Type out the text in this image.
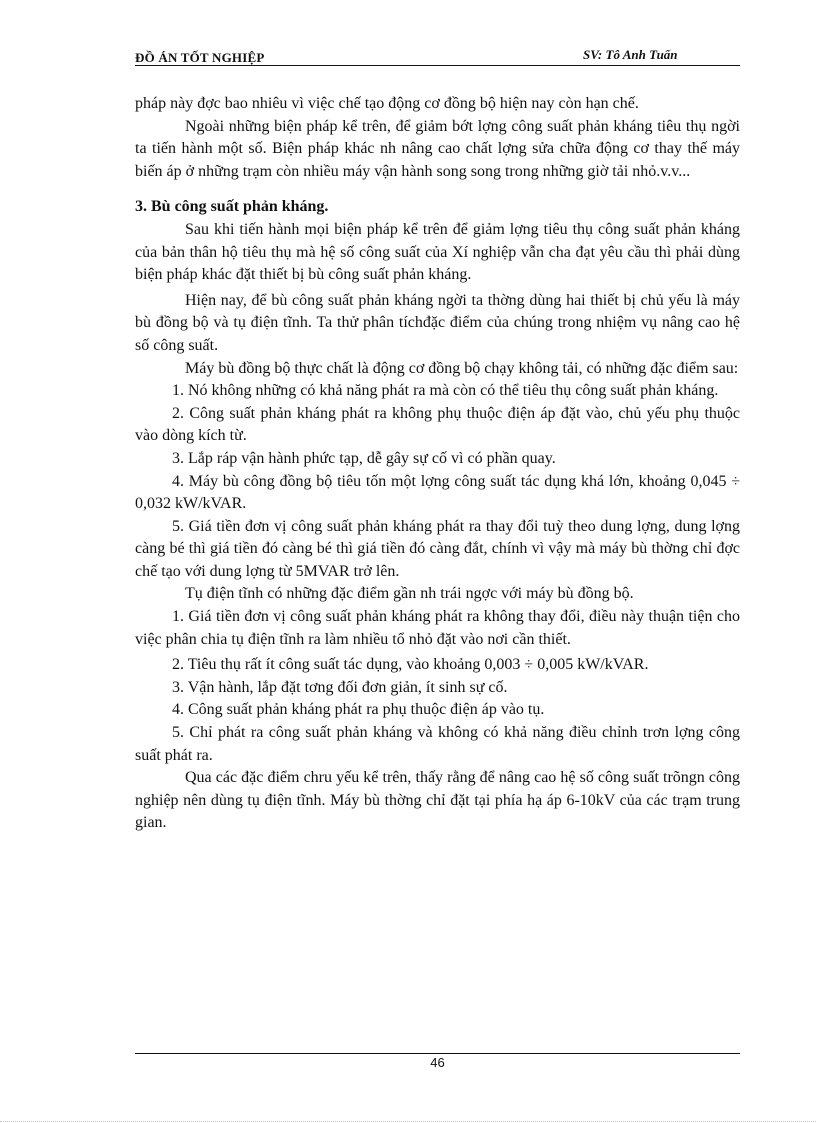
ĐỒ ÁN TỐT NGHIỆP	SV: Tô Anh Tuấn

pháp này đợc bao nhiêu vì việc chế tạo động cơ đồng bộ hiện nay còn hạn chế.

Ngoài những biện pháp kể trên, để giảm bớt lợng công suất phản kháng tiêu thụ ngời ta tiến hành một số. Biện pháp khác nh nâng cao chất lợng sửa chữa động cơ thay thế máy biến áp ở những trạm còn nhiều máy vận hành song song trong những giờ tải nhỏ.v.v...

3. Bù công suất phản kháng.

Sau khi tiến hành mọi biện pháp kể trên để giảm lợng tiêu thụ công suất phản kháng của bản thân hộ tiêu thụ mà hệ số công suất của Xí nghiệp vẫn cha đạt yêu cầu thì phải dùng biện pháp khác đặt thiết bị bù công suất phản kháng.

Hiện nay, để bù công suất phản kháng ngời ta thờng dùng hai thiết bị chủ yếu là máy bù đồng bộ và tụ điện tĩnh. Ta thử phân tíchđặc điểm của chúng trong nhiệm vụ nâng cao hệ số công suất.

Máy bù đồng bộ thực chất là động cơ đồng bộ chạy không tải, có những đặc điểm sau:

1. Nó không những có khả năng phát ra mà còn có thể tiêu thụ công suất phản kháng.

2. Công suất phản kháng phát ra không phụ thuộc điện áp đặt vào, chủ yếu phụ thuộc vào dòng kích từ.

3. Lắp ráp vận hành phức tạp, dễ gây sự cố vì có phần quay.

4. Máy bù công đồng bộ tiêu tốn một lợng công suất tác dụng khá lớn, khoảng 0,045 ÷ 0,032 kW/kVAR.

5. Giá tiền đơn vị công suất phản kháng phát ra thay đổi tuỳ theo dung lợng, dung lợng càng bé thì giá tiền đó càng bé thì giá tiền đó càng đắt, chính vì vậy mà máy bù thờng chỉ đợc chế tạo với dung lợng từ 5MVAR trở lên.

Tụ điện tĩnh có những đặc điểm gần nh trái ngợc với máy bù đồng bộ.

1. Giá tiền đơn vị công suất phản kháng phát ra không thay đổi, điều này thuận tiện cho việc phân chia tụ điện tĩnh ra làm nhiều tổ nhỏ đặt vào nơi cần thiết.

2. Tiêu thụ rất ít công suất tác dụng, vào khoảng 0,003 ÷ 0,005 kW/kVAR.

3. Vận hành, lắp đặt tơng đối đơn giản, ít sinh sự cố.

4. Công suất phản kháng phát ra phụ thuộc điện áp vào tụ.

5. Chỉ phát ra công suất phản kháng và không có khả năng điều chỉnh trơn lợng công suất phát ra.

Qua các đặc điểm chru yếu kể trên, thấy rằng để nâng cao hệ số công suất trõngn công nghiệp nên dùng tụ điện tĩnh. Máy bù thờng chỉ đặt tại phía hạ áp 6-10kV của các trạm trung gian.

46
